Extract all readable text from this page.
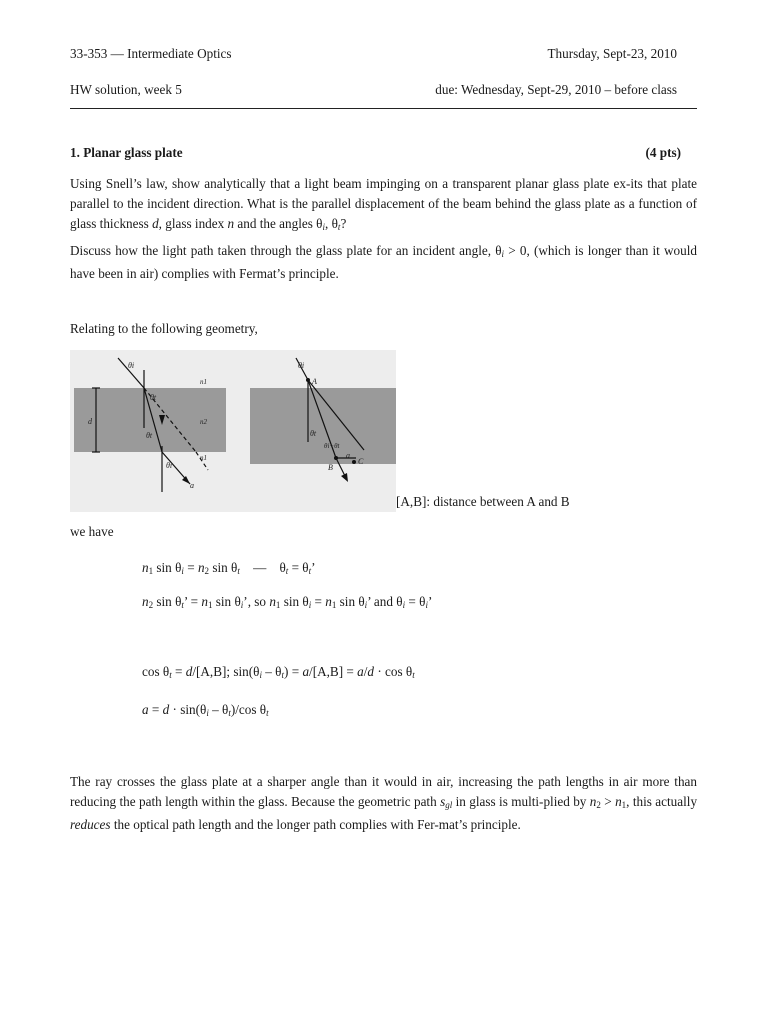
33-353 — Intermediate Optics	Thursday, Sept-23, 2010
HW solution, week 5	due: Wednesday, Sept-29, 2010 – before class
1. Planar glass plate	(4 pts)
Using Snell’s law, show analytically that a light beam impinging on a transparent planar glass plate ex-its that plate parallel to the incident direction. What is the parallel displacement of the beam behind the glass plate as a function of glass thickness d, glass index n and the angles $\theta_i$, $\theta_t$?
Discuss how the light path taken through the glass plate for an incident angle, $\theta_i > 0$, (which is longer than it would have been in air) complies with Fermat’s principle.
Relating to the following geometry,
θi
θt
θt
θi
n1
n2
n1
d
a
θi
A
θt
θi−θt
C
B
a
[A,B]: distance between A and B
we have
$n_1$ $\sin \theta_i = n_2$ $\sin \theta_t$    —    $\theta_t = \theta_t$’
$n_2$ $\sin \theta_t$’ = $n_1$ $\sin \theta_i$’, so $n_1$ $\sin \theta_i = n_1$ $\sin \theta_i$’ and $\theta_i = \theta_i$’
$\cos \theta_t = d/[A,B]$; $\sin(\theta_i - \theta_t) = a/[A,B] = a/d \cdot \cos \theta_t$
$a = d \cdot \sin(\theta_i - \theta_t)/\cos$ $\theta_t$
The ray crosses the glass plate at a sharper angle than it would in air, increasing the path lengths in air more than reducing the path length within the glass. Because the geometric path $s_{gl}$ in glass is multi-plied by $n_2 > n_1$, this actually reduces the optical path length and the longer path complies with Fer-mat’s principle.
